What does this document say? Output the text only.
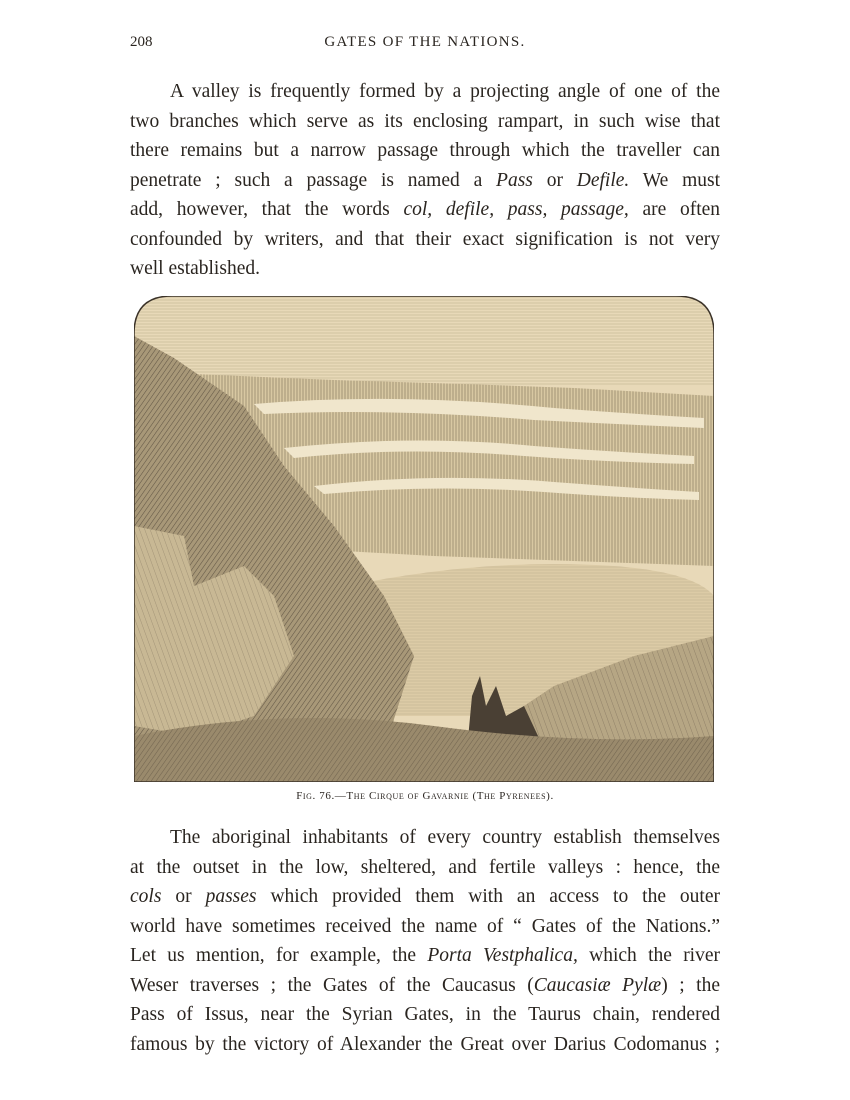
208	GATES OF THE NATIONS.

A valley is frequently formed by a projecting angle of one of the
two branches which serve as its enclosing rampart, in such wise that
there remains but a narrow passage through which the traveller can
penetrate ; such a passage is named a Pass or Defile. We must
add, however, that the words col, defile, pass, passage, are often
confounded by writers, and that their exact signification is not very
well established.

Fig. 76.—The Cirque of Gavarnie (The Pyrenees).

The aboriginal inhabitants of every country establish themselves
at the outset in the low, sheltered, and fertile valleys : hence, the
cols or passes which provided them with an access to the outer
world have sometimes received the name of “ Gates of the Nations.”
Let us mention, for example, the Porta Vestphalica, which the river
Weser traverses ; the Gates of the Caucasus (Caucasiæ Pylæ) ; the
Pass of Issus, near the Syrian Gates, in the Taurus chain, rendered
famous by the victory of Alexander the Great over Darius Codomanus ;
